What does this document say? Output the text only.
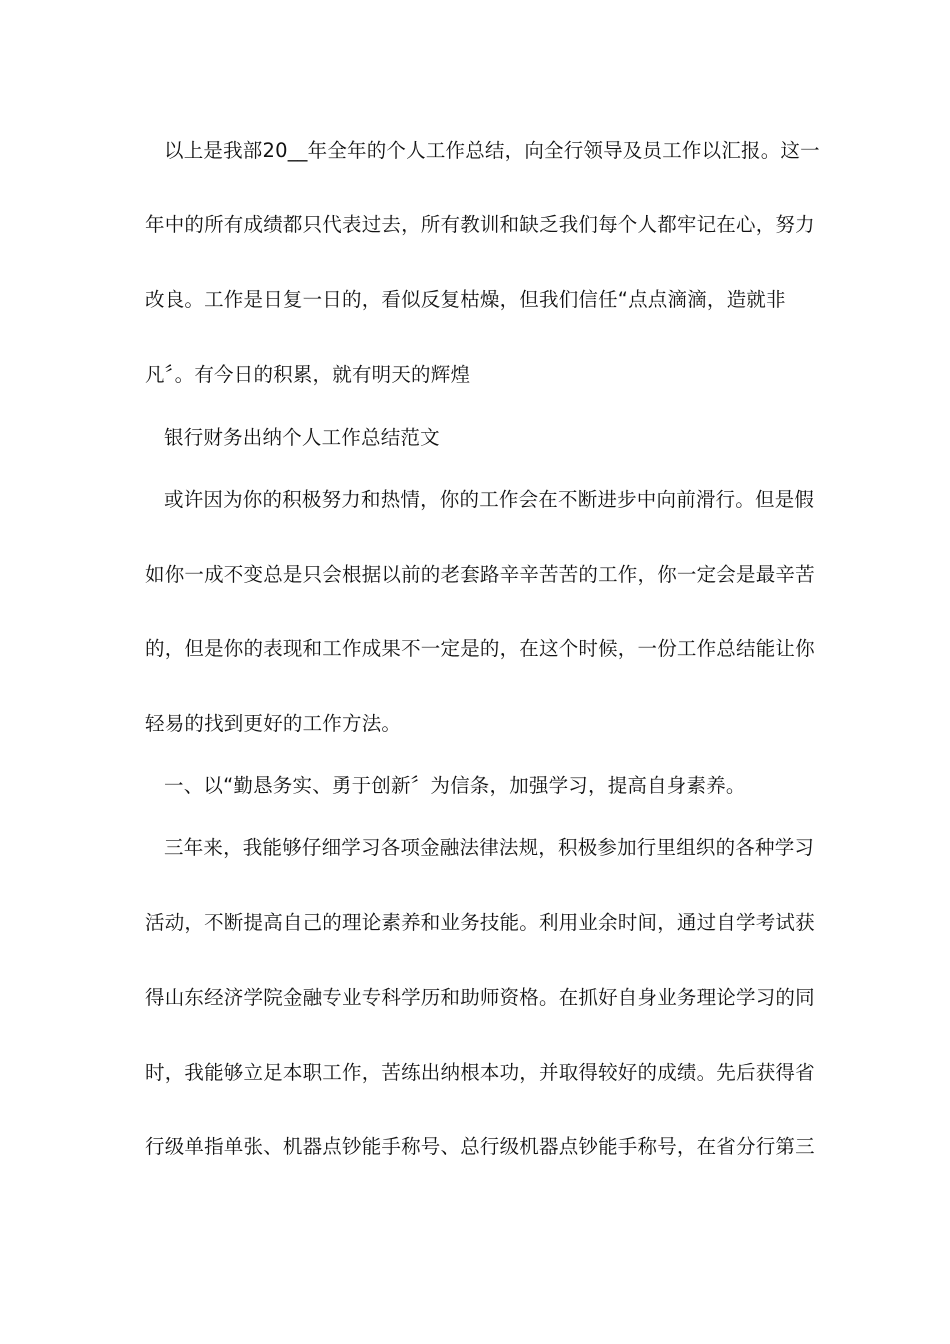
以上是我部20__年全年的个人工作总结，向全行领导及员工作以汇报。这一
年中的所有成绩都只代表过去，所有教训和缺乏我们每个人都牢记在心，努力
改良。工作是日复一日的，看似反复枯燥，但我们信任“点点滴滴，造就非
凡〞。有今日的积累，就有明天的辉煌
银行财务出纳个人工作总结范文
或许因为你的积极努力和热情，你的工作会在不断进步中向前滑行。但是假
如你一成不变总是只会根据以前的老套路辛辛苦苦的工作，你一定会是最辛苦
的，但是你的表现和工作成果不一定是的，在这个时候，一份工作总结能让你
轻易的找到更好的工作方法。
一、以“勤恳务实、勇于创新〞为信条，加强学习，提高自身素养。
三年来，我能够仔细学习各项金融法律法规，积极参加行里组织的各种学习
活动，不断提高自己的理论素养和业务技能。利用业余时间，通过自学考试获
得山东经济学院金融专业专科学历和助师资格。在抓好自身业务理论学习的同
时，我能够立足本职工作，苦练出纳根本功，并取得较好的成绩。先后获得省
行级单指单张、机器点钞能手称号、总行级机器点钞能手称号，在省分行第三
